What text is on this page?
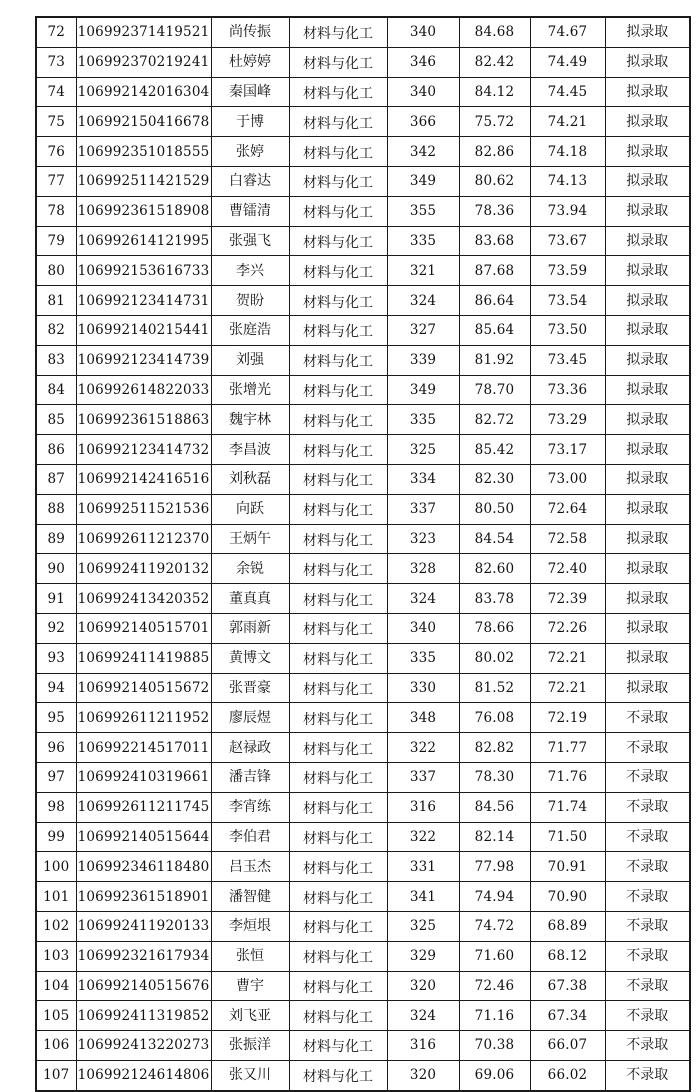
72	106992371419521	尚传振	材料与化工	340	84.68	74.67	拟录取
73	106992370219241	杜婷婷	材料与化工	346	82.42	74.49	拟录取
74	106992142016304	秦国峰	材料与化工	340	84.12	74.45	拟录取
75	106992150416678	于博	材料与化工	366	75.72	74.21	拟录取
76	106992351018555	张婷	材料与化工	342	82.86	74.18	拟录取
77	106992511421529	白睿达	材料与化工	349	80.62	74.13	拟录取
78	106992361518908	曹镭清	材料与化工	355	78.36	73.94	拟录取
79	106992614121995	张强飞	材料与化工	335	83.68	73.67	拟录取
80	106992153616733	李兴	材料与化工	321	87.68	73.59	拟录取
81	106992123414731	贺盼	材料与化工	324	86.64	73.54	拟录取
82	106992140215441	张庭浩	材料与化工	327	85.64	73.50	拟录取
83	106992123414739	刘强	材料与化工	339	81.92	73.45	拟录取
84	106992614822033	张增光	材料与化工	349	78.70	73.36	拟录取
85	106992361518863	魏宇林	材料与化工	335	82.72	73.29	拟录取
86	106992123414732	李昌波	材料与化工	325	85.42	73.17	拟录取
87	106992142416516	刘秋磊	材料与化工	334	82.30	73.00	拟录取
88	106992511521536	向跃	材料与化工	337	80.50	72.64	拟录取
89	106992611212370	王炳午	材料与化工	323	84.54	72.58	拟录取
90	106992411920132	余锐	材料与化工	328	82.60	72.40	拟录取
91	106992413420352	董真真	材料与化工	324	83.78	72.39	拟录取
92	106992140515701	郭雨新	材料与化工	340	78.66	72.26	拟录取
93	106992411419885	黄博文	材料与化工	335	80.02	72.21	拟录取
94	106992140515672	张晋豪	材料与化工	330	81.52	72.21	拟录取
95	106992611211952	廖辰煜	材料与化工	348	76.08	72.19	不录取
96	106992214517011	赵禄政	材料与化工	322	82.82	71.77	不录取
97	106992410319661	潘吉锋	材料与化工	337	78.30	71.76	不录取
98	106992611211745	李宵练	材料与化工	316	84.56	71.74	不录取
99	106992140515644	李伯君	材料与化工	322	82.14	71.50	不录取
100	106992346118480	吕玉杰	材料与化工	331	77.98	70.91	不录取
101	106992361518901	潘智健	材料与化工	341	74.94	70.90	不录取
102	106992411920133	李烜垠	材料与化工	325	74.72	68.89	不录取
103	106992321617934	张恒	材料与化工	329	71.60	68.12	不录取
104	106992140515676	曹宇	材料与化工	320	72.46	67.38	不录取
105	106992411319852	刘飞亚	材料与化工	324	71.16	67.34	不录取
106	106992413220273	张振洋	材料与化工	316	70.38	66.07	不录取
107	106992124614806	张又川	材料与化工	320	69.06	66.02	不录取
